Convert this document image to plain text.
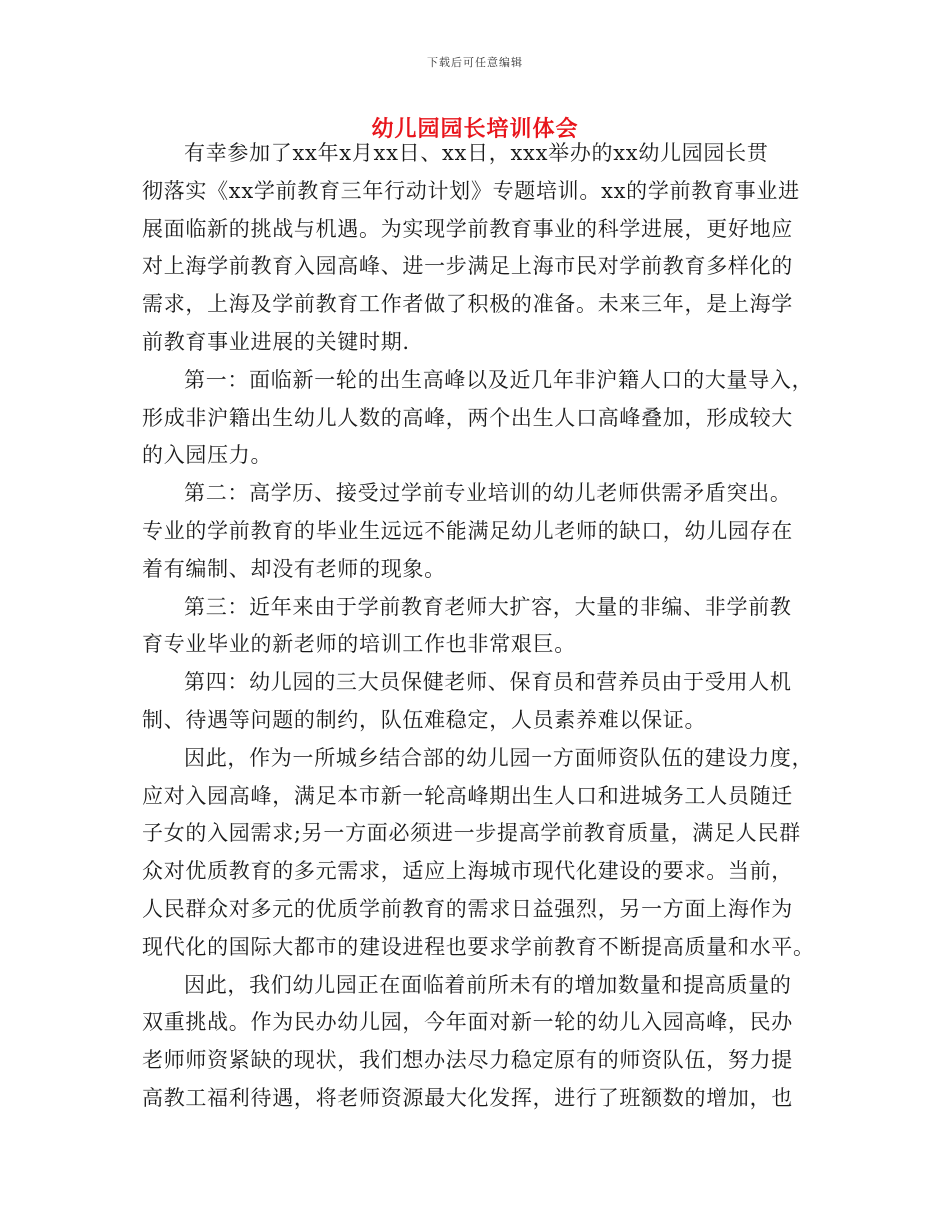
下载后可任意编辑
幼儿园园长培训体会

有幸参加了xx年x月xx日、xx日，xxx举办的xx幼儿园园长贯
彻落实《xx学前教育三年行动计划》专题培训。xx的学前教育事业进
展面临新的挑战与机遇。为实现学前教育事业的科学进展，更好地应
对上海学前教育入园高峰、进一步满足上海市民对学前教育多样化的
需求，上海及学前教育工作者做了积极的准备。未来三年，是上海学
前教育事业进展的关键时期.

第一：面临新一轮的出生高峰以及近几年非沪籍人口的大量导入，
形成非沪籍出生幼儿人数的高峰，两个出生人口高峰叠加，形成较大
的入园压力。

第二：高学历、接受过学前专业培训的幼儿老师供需矛盾突出。
专业的学前教育的毕业生远远不能满足幼儿老师的缺口，幼儿园存在
着有编制、却没有老师的现象。

第三：近年来由于学前教育老师大扩容，大量的非编、非学前教
育专业毕业的新老师的培训工作也非常艰巨。

第四：幼儿园的三大员保健老师、保育员和营养员由于受用人机
制、待遇等问题的制约，队伍难稳定，人员素养难以保证。

因此，作为一所城乡结合部的幼儿园一方面师资队伍的建设力度，
应对入园高峰，满足本市新一轮高峰期出生人口和进城务工人员随迁
子女的入园需求;另一方面必须进一步提高学前教育质量，满足人民群
众对优质教育的多元需求，适应上海城市现代化建设的要求。当前，
人民群众对多元的优质学前教育的需求日益强烈，另一方面上海作为
现代化的国际大都市的建设进程也要求学前教育不断提高质量和水平。

因此，我们幼儿园正在面临着前所未有的增加数量和提高质量的
双重挑战。作为民办幼儿园，今年面对新一轮的幼儿入园高峰，民办
老师师资紧缺的现状，我们想办法尽力稳定原有的师资队伍，努力提
高教工福利待遇，将老师资源最大化发挥，进行了班额数的增加，也
